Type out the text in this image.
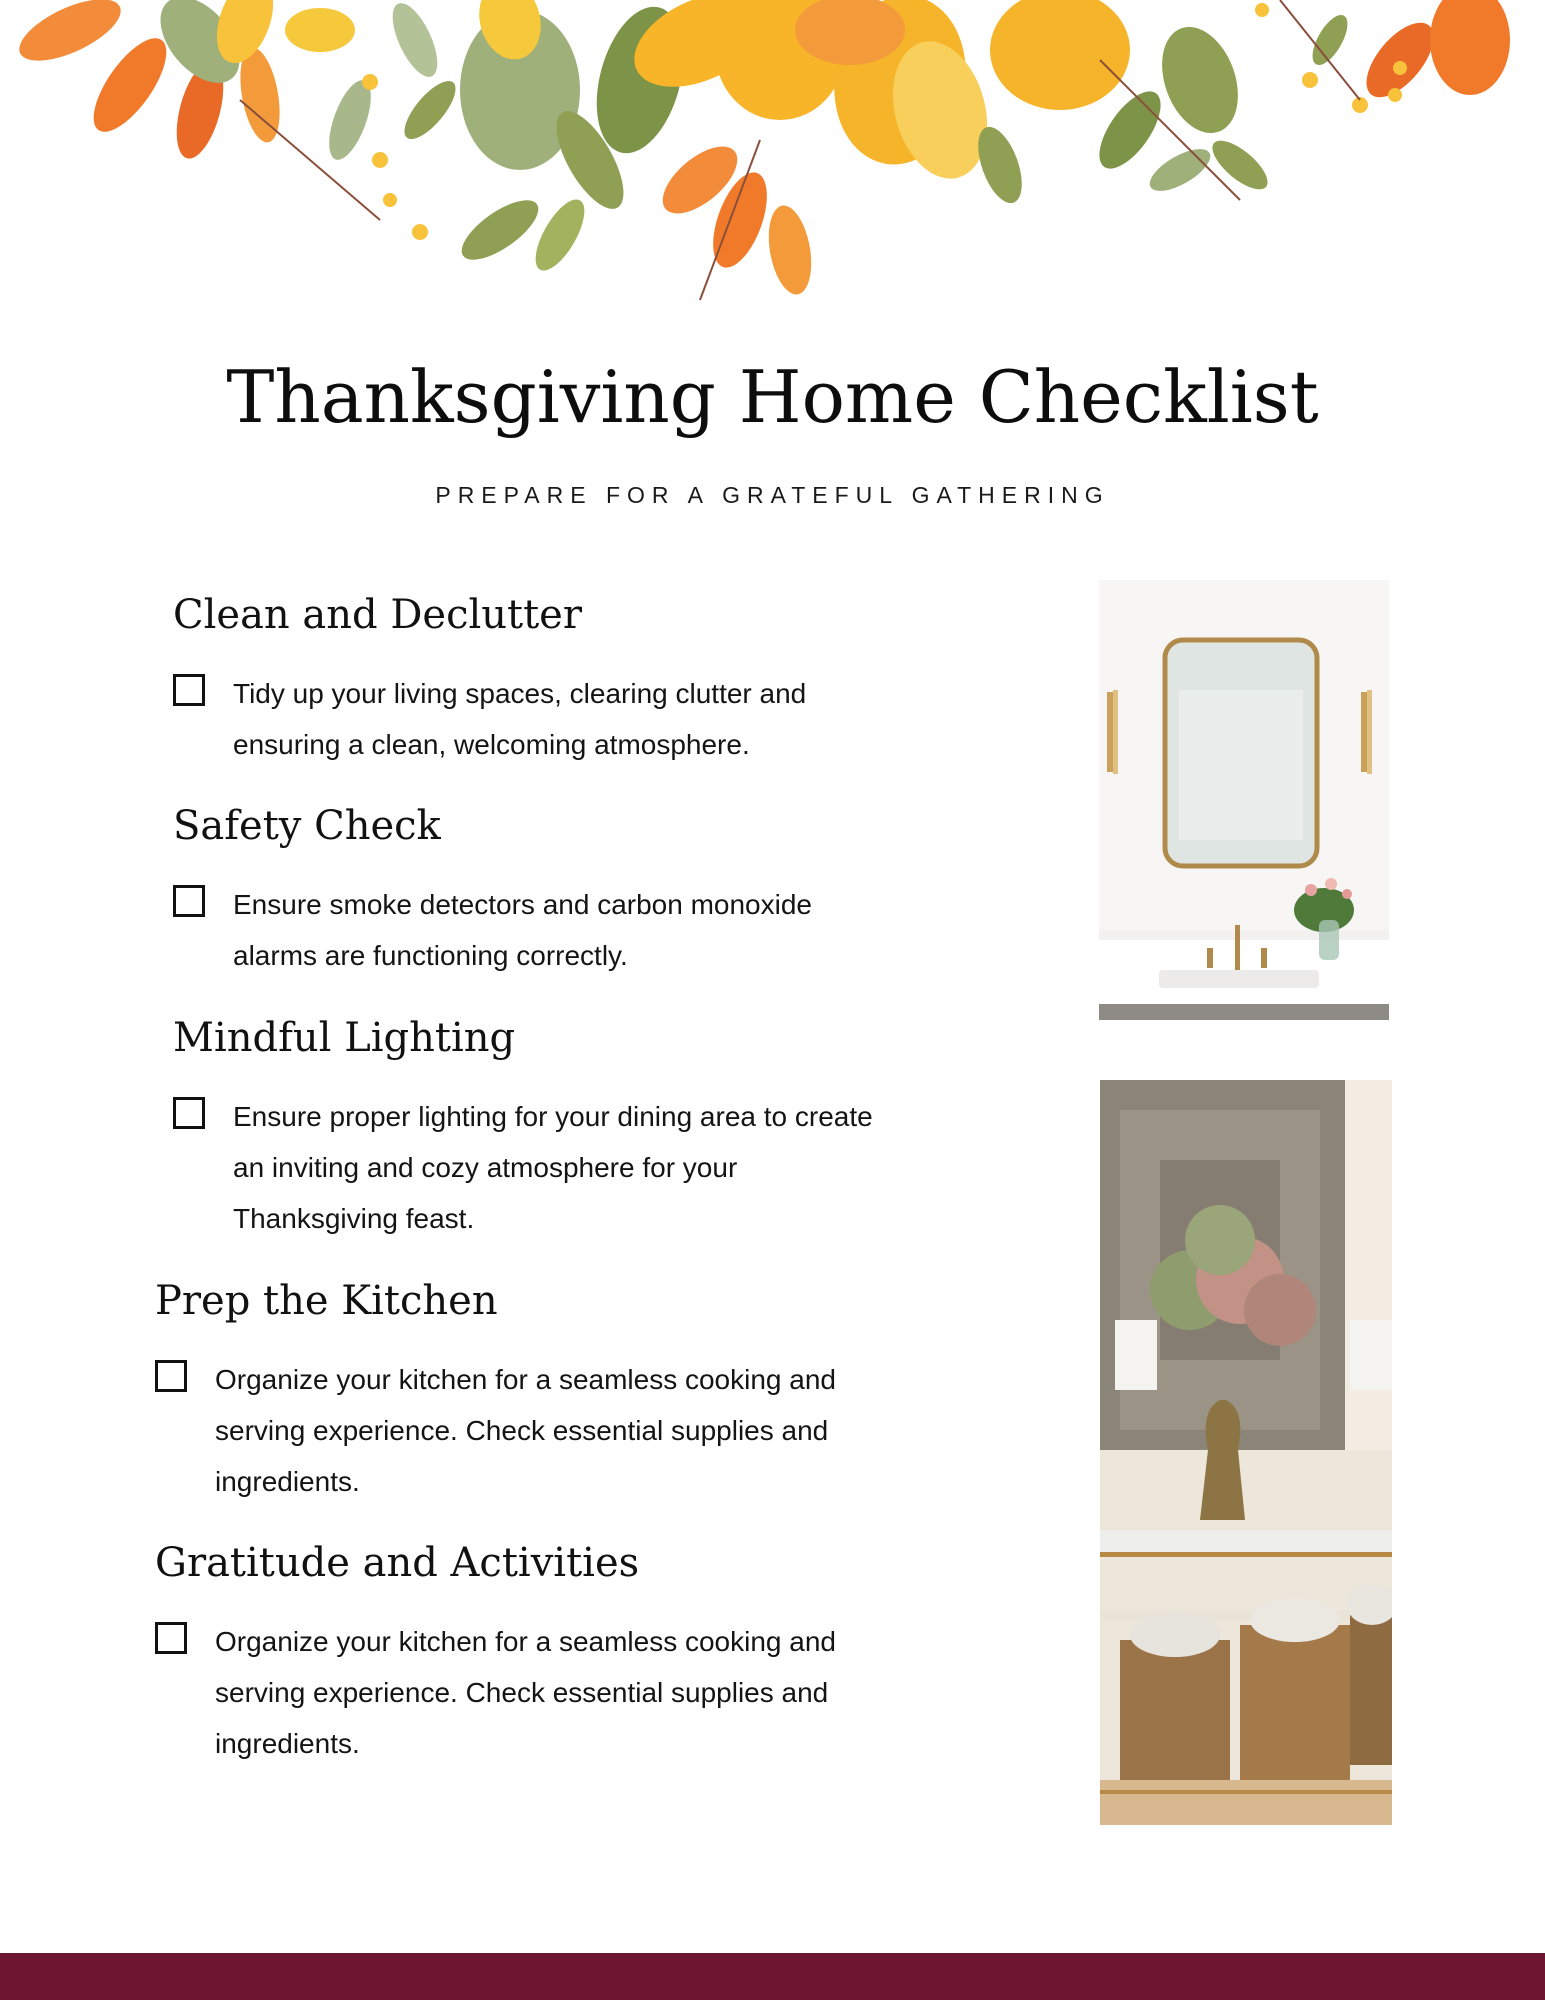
Thanksgiving Home Checklist
PREPARE FOR A GRATEFUL GATHERING
Clean and Declutter
Tidy up your living spaces, clearing clutter and ensuring a clean, welcoming atmosphere.
Safety Check
Ensure smoke detectors and carbon monoxide alarms are functioning correctly.
Mindful Lighting
Ensure proper lighting for your dining area to create an inviting and cozy atmosphere for your Thanksgiving feast.
Prep the Kitchen
Organize your kitchen for a seamless cooking and serving experience. Check essential supplies and ingredients.
Gratitude and Activities
Organize your kitchen for a seamless cooking and serving experience. Check essential supplies and ingredients.
